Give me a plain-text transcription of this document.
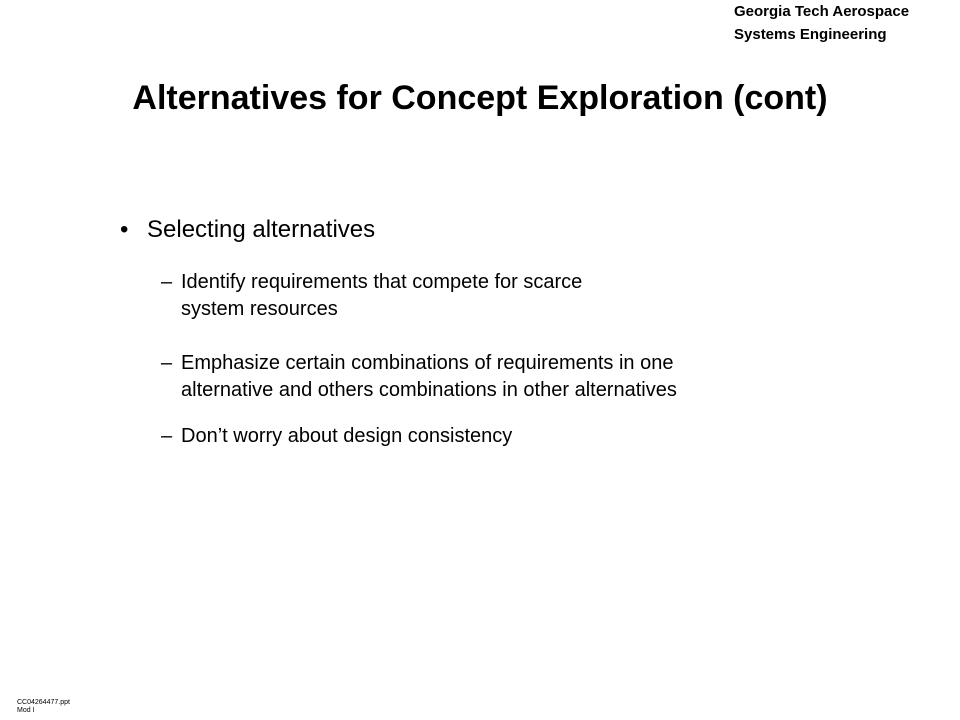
Georgia Tech Aerospace
Systems Engineering
Alternatives for Concept Exploration (cont)
• Selecting alternatives
– Identify requirements that compete for scarce
system resources
– Emphasize certain combinations of requirements in one
alternative and others combinations in other alternatives
– Don’t worry about design consistency
CC04264477.ppt
Mod I
